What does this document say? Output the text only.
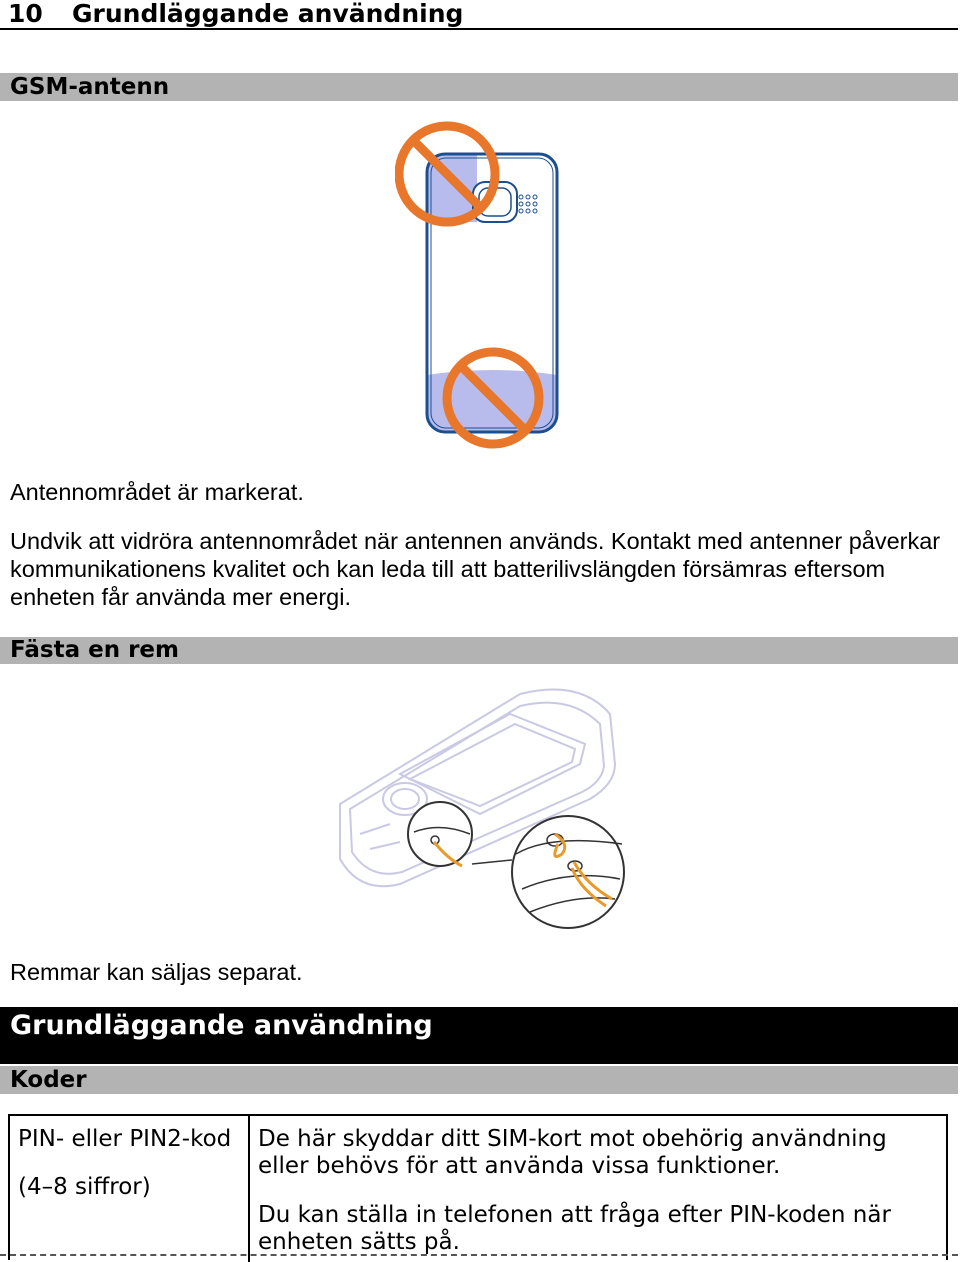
10 Grundläggande användning
GSM-antenn
Antennområdet är markerat.
Undvik att vidröra antennområdet när antennen används. Kontakt med antenner påverkar kommunikationens kvalitet och kan leda till att batterilivslängden försämras eftersom enheten får använda mer energi.
Fästa en rem
Remmar kan säljas separat.
Grundläggande användning
Koder

PIN- eller PIN2-kod

(4–8 siffror)

De här skyddar ditt SIM-kort mot obehörig användning eller behövs för att använda vissa funktioner.

Du kan ställa in telefonen att fråga efter PIN-koden när enheten sätts på.
